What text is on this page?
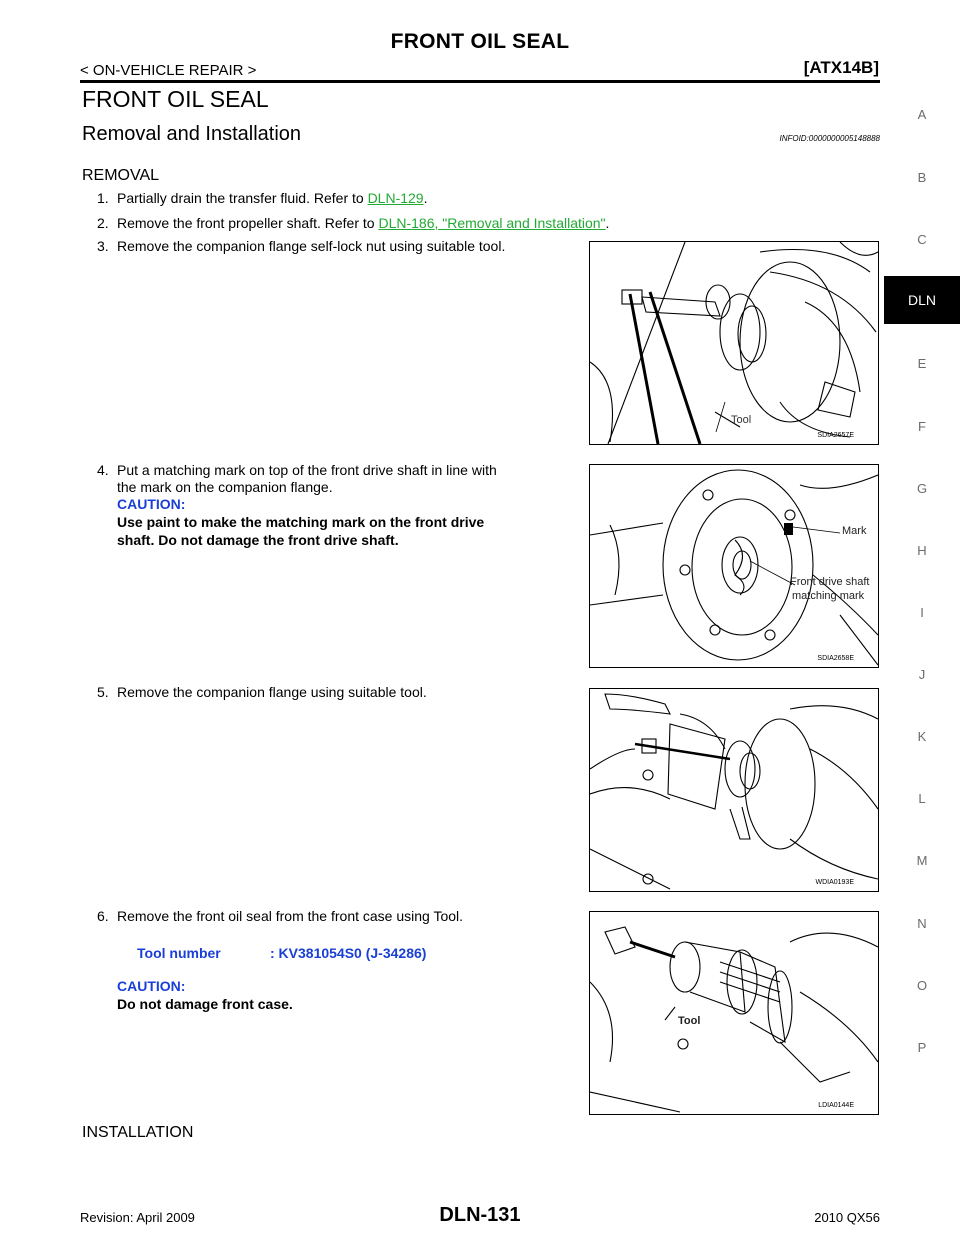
FRONT OIL SEAL
< ON-VEHICLE REPAIR >	[ATX14B]
FRONT OIL SEAL
Removal and Installation	INFOID:0000000005148888
REMOVAL
1. Partially drain the transfer fluid. Refer to DLN-129.
2. Remove the front propeller shaft. Refer to DLN-186, "Removal and Installation".
3. Remove the companion flange self-lock nut using suitable tool.
Tool
SDIA2657E
4. Put a matching mark on top of the front drive shaft in line with
the mark on the companion flange.
CAUTION:
Use paint to make the matching mark on the front drive
shaft. Do not damage the front drive shaft.
Mark
Front drive shaft
matching mark
SDIA2658E
5. Remove the companion flange using suitable tool.
WDIA0193E
6. Remove the front oil seal from the front case using Tool.
Tool number	: KV381054S0 (J-34286)
CAUTION:
Do not damage front case.
Tool
LDIA0144E
INSTALLATION
A
B
C
DLN
E
F
G
H
I
J
K
L
M
N
O
P
Revision: April 2009	DLN-131	2010 QX56
